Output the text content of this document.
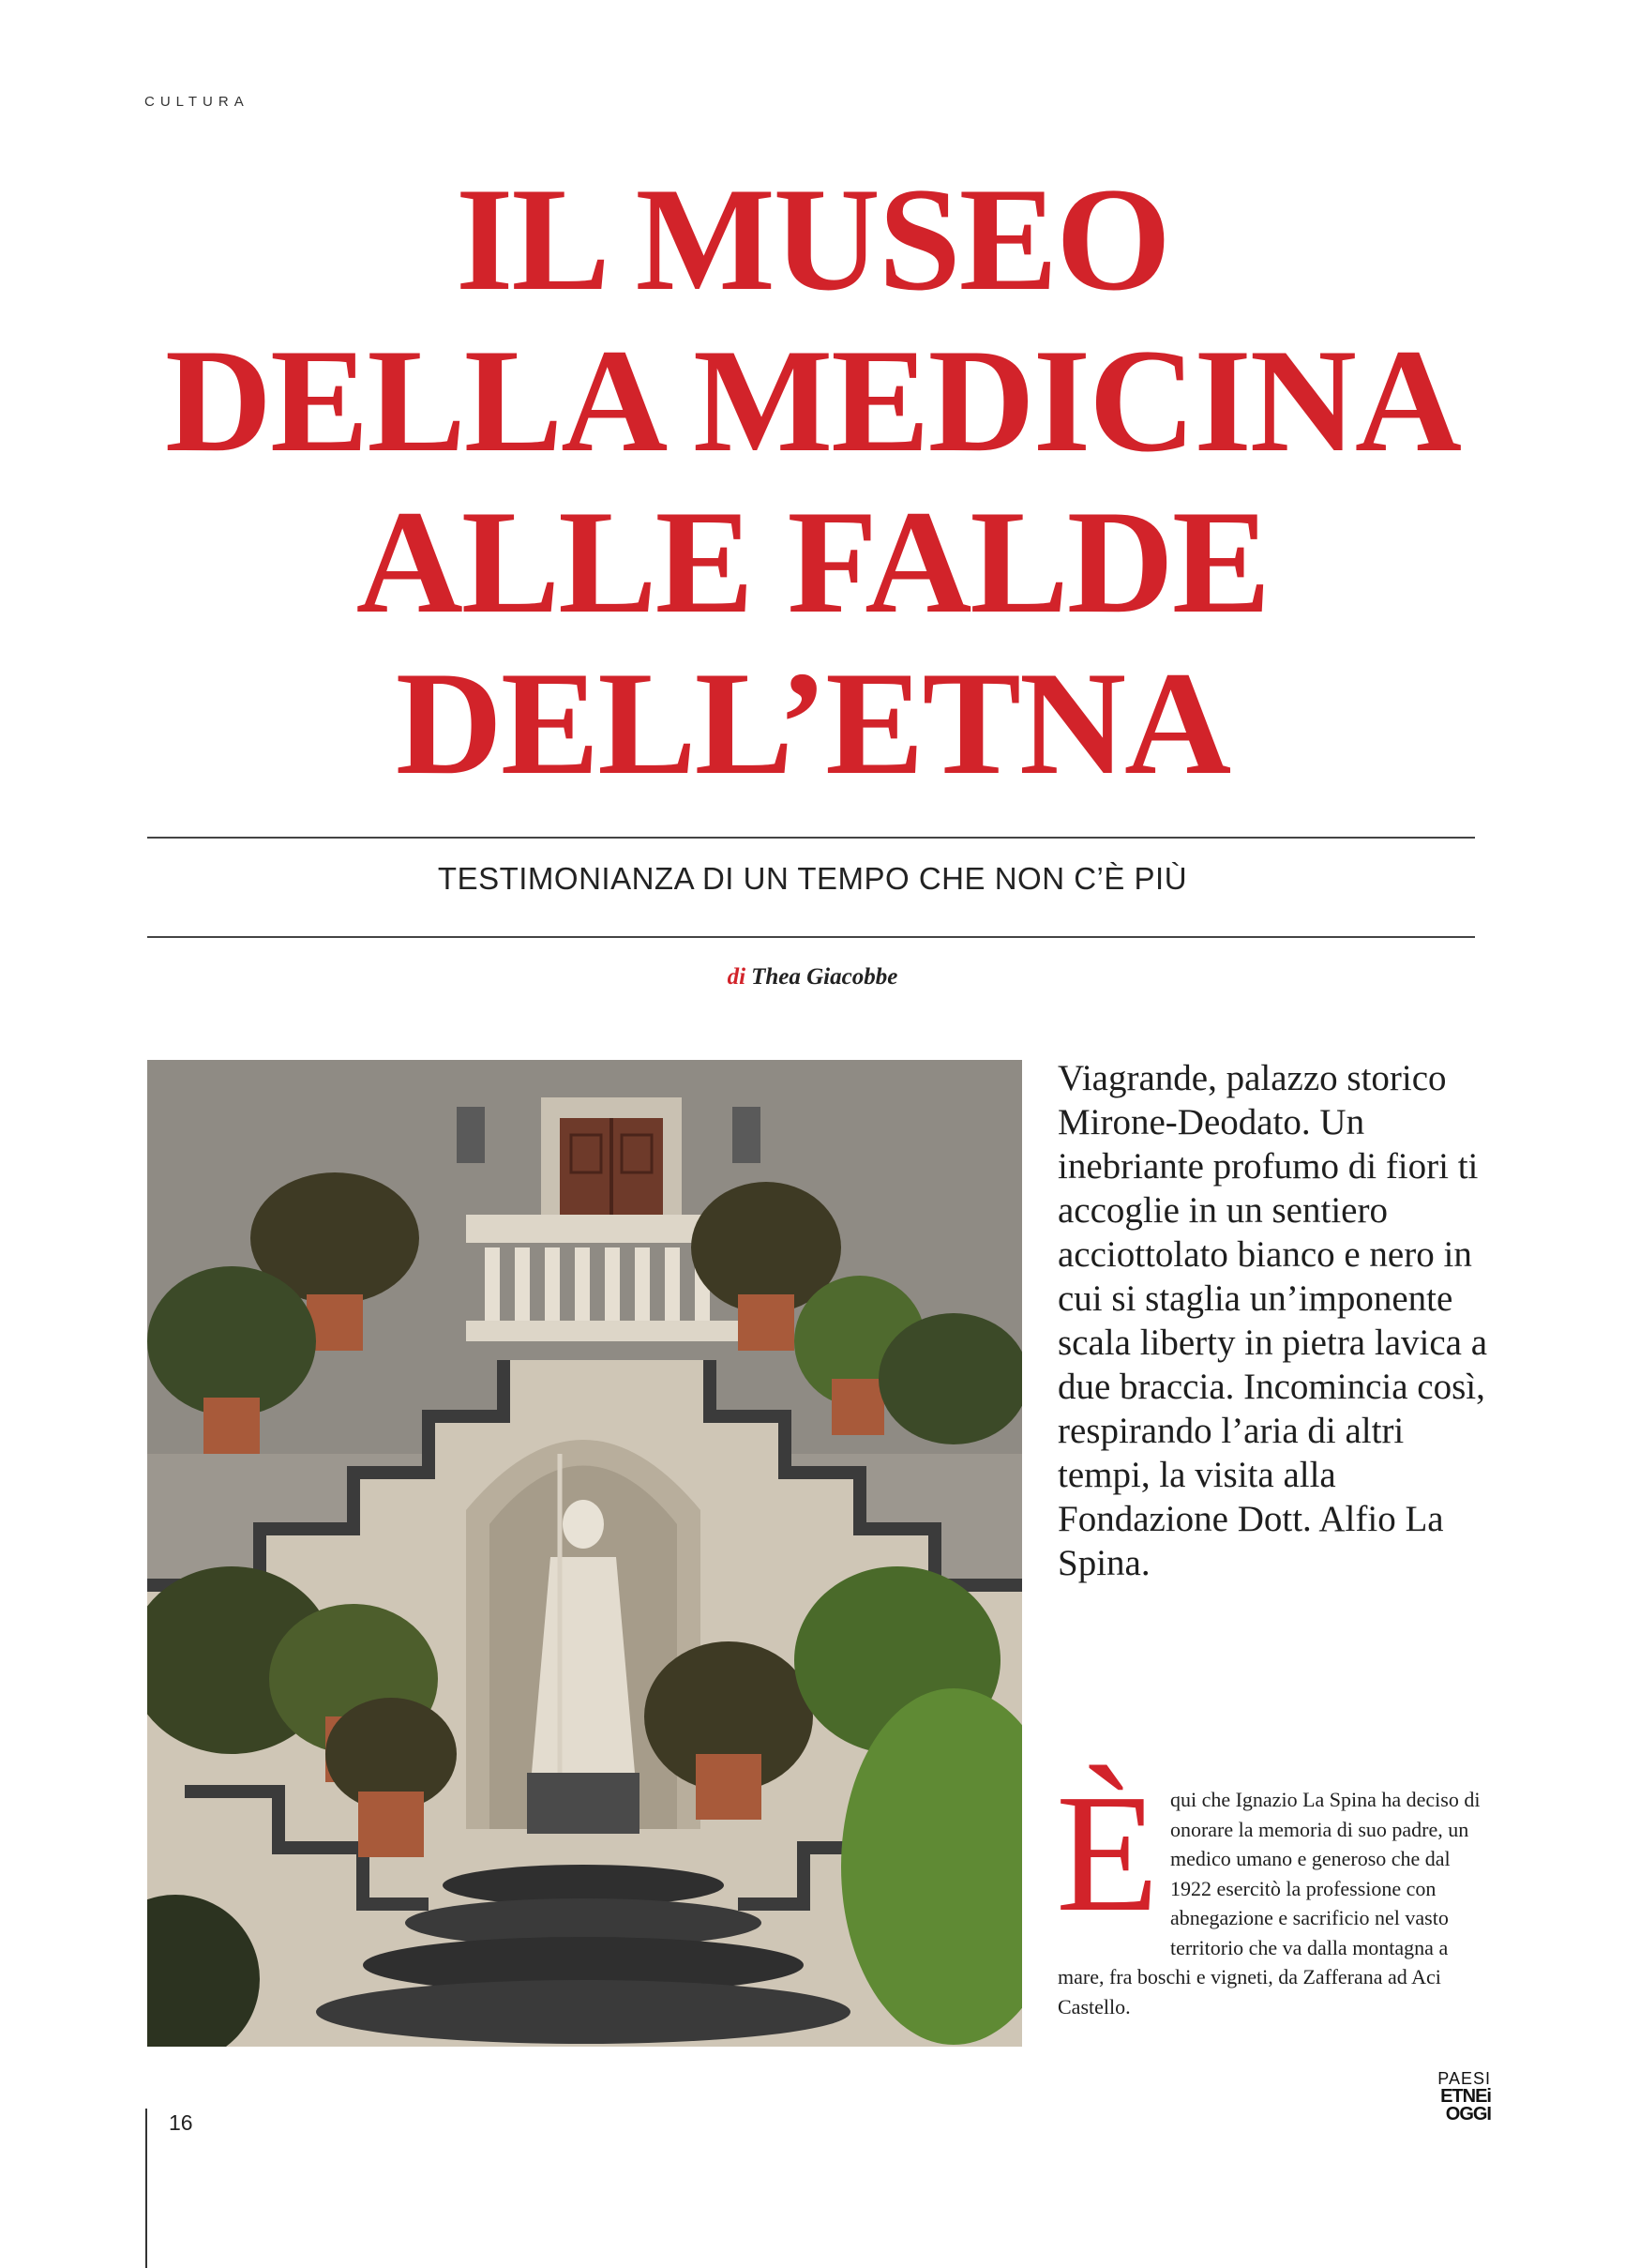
CULTURA
IL MUSEO
DELLA MEDICINA
ALLE FALDE
DELL’ETNA
TESTIMONIANZA DI UN TEMPO CHE NON C’È PIÙ
di Thea Giacobbe

Viagrande, palazzo storico Mirone-Deodato. Un inebriante profumo di fiori ti accoglie in un sentiero acciottolato bianco e nero in cui si staglia un’imponente scala liberty in pietra lavica a due braccia. Incomincia così, respirando l’aria di altri tempi, la visita alla Fondazione Dott. Alfio La Spina.

È qui che Ignazio La Spina ha deciso di onorare la memoria di suo padre, un medico umano e generoso che dal 1922 esercitò la professione con abnegazione e sacrificio nel vasto territorio che va dalla montagna a mare, fra boschi e vigneti, da Zafferana ad Aci Castello.

16
PAESI
ETNEi
OGGI
